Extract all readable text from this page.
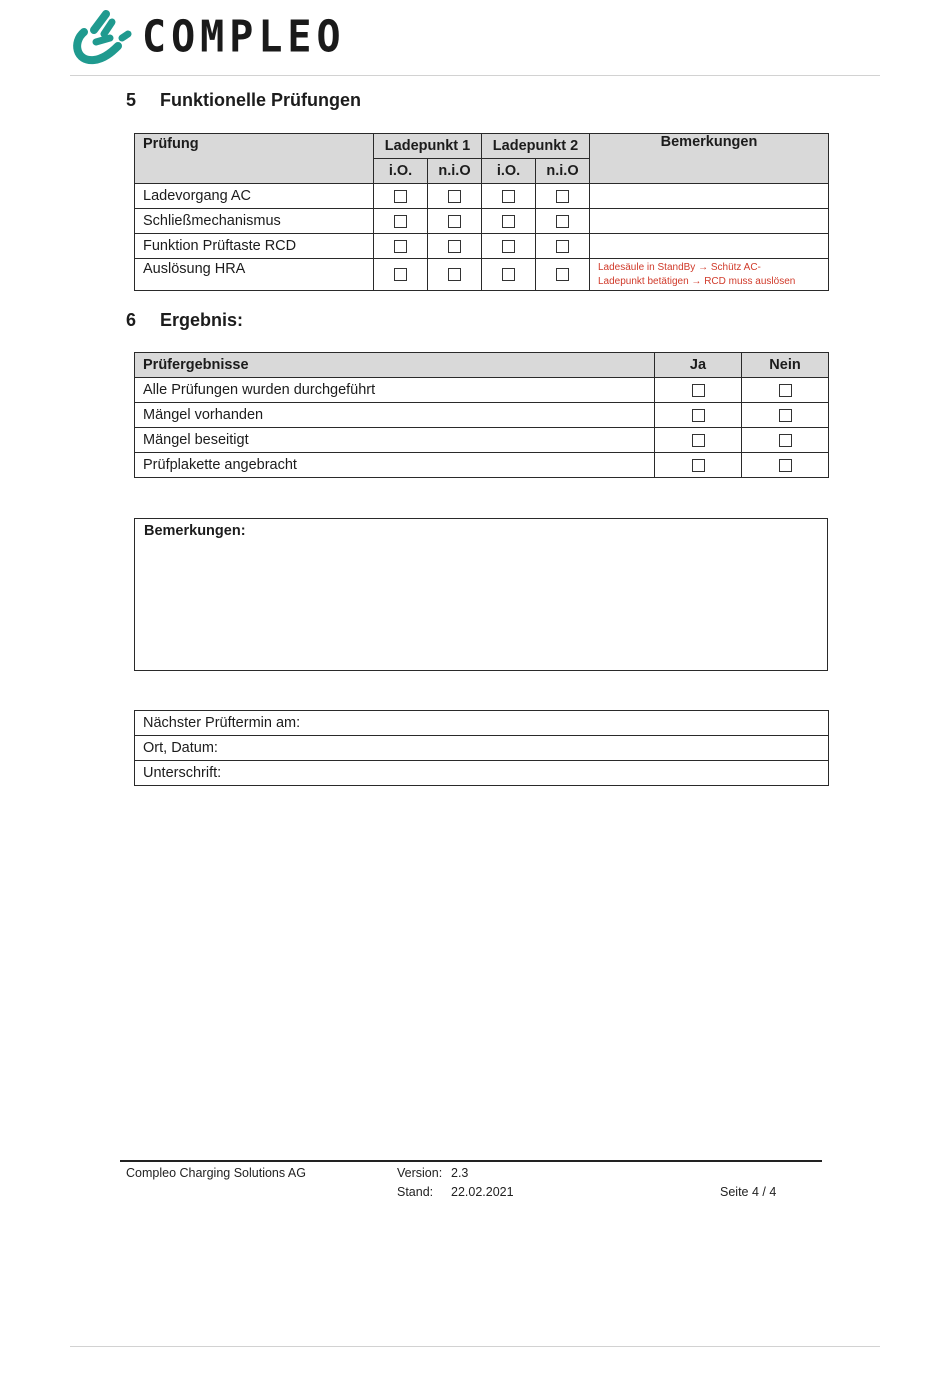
COMPLEO
5 Funktionelle Prüfungen
Prüfung	Ladepunkt 1		Ladepunkt 2		Bemerkungen
	i.O.	n.i.O	i.O.	n.i.O	
Ladevorgang AC					
Schließmechanismus					
Funktion Prüftaste RCD					
Auslösung HRA					Ladesäule in StandBy → Schütz AC-
Ladepunkt betätigen → RCD muss auslösen
6 Ergebnis:
Prüfergebnisse	Ja	Nein
Alle Prüfungen wurden durchgeführt		
Mängel vorhanden		
Mängel beseitigt		
Prüfplakette angebracht		
Bemerkungen:
Nächster Prüftermin am:
Ort, Datum:
Unterschrift:
Compleo Charging Solutions AG	Version: 2.3
Stand: 22.02.2021	Seite 4 / 4
